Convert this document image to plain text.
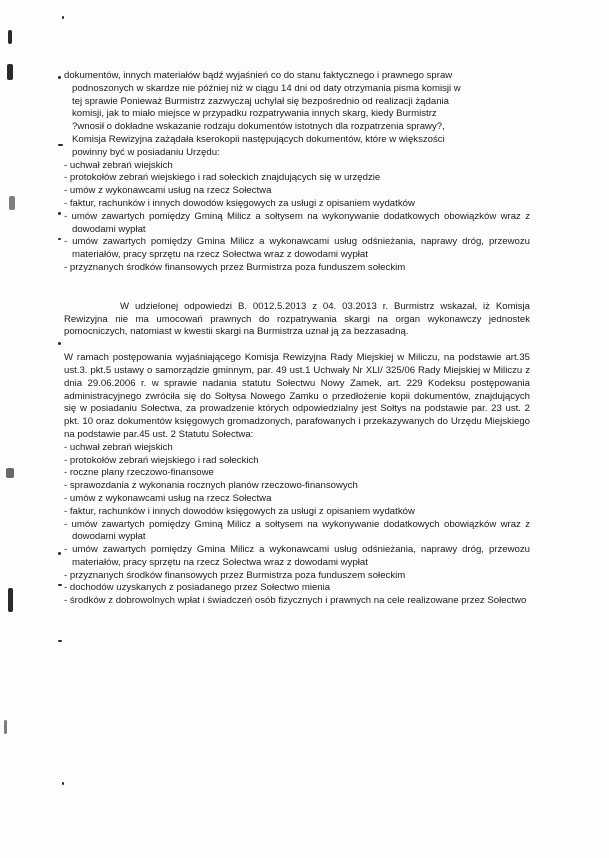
dokumentów, innych materiałów bądź wyjaśnień co do stanu faktycznego i prawnego spraw

podnoszonych w skardze nie później niż w ciągu 14 dni od daty otrzymania pisma komisji w

tej sprawie Ponieważ Burmistrz zazwyczaj uchylał się bezpośrednio od realizacji żądania

komisji, jak to miało miejsce w przypadku rozpatrywania innych skarg, kiedy Burmistrz

?wnosił o dokładne wskazanie rodzaju dokumentów istotnych dla rozpatrzenia sprawy?,

Komisja Rewizyjna zażądała kserokopii następujących dokumentów, które w większości

powinny być w posiadaniu Urzędu:

- uchwał zebrań wiejskich

- protokołów zebrań wiejskiego i rad sołeckich znajdujących się w urzędzie

- umów z wykonawcami usług na rzecz Sołectwa

- faktur, rachunków i innych dowodów księgowych za usługi z opisaniem wydatków

- umów zawartych pomiędzy Gminą Milicz a sołtysem na wykonywanie dodatkowych obowiązków wraz z dowodami wypłat

- umów zawartych pomiędzy Gmina Milicz a wykonawcami usług odśnieżania, naprawy dróg, przewozu materiałów, pracy sprzętu na rzecz Sołectwa wraz z dowodami wypłat

- przyznanych środków finansowych przez Burmistrza poza funduszem sołeckim

W udzielonej odpowiedzi B. 0012.5.2013 z 04. 03.2013 r. Burmistrz wskazał, iż Komisja Rewizyjna nie ma umocowań prawnych do rozpatrywania skargi na organ wykonawczy jednostek pomocniczych, natomiast w kwestii skargi na Burmistrza uznał ją za bezzasadną.

W ramach postępowania wyjaśniającego Komisja Rewizyjna Rady Miejskiej w Miliczu, na podstawie art.35 ust.3. pkt.5 ustawy o samorządzie gminnym, par. 49 ust.1 Uchwały Nr XLI/ 325/06 Rady Miejskiej w Miliczu z dnia 29.06.2006 r. w sprawie nadania statutu Sołectwu Nowy Zamek, art. 229 Kodeksu postępowania administracyjnego zwróciła się do Sołtysa Nowego Zamku o przedłożenie kopii dokumentów, znajdujących się w posiadaniu Sołectwa, za prowadzenie których odpowiedzialny jest Sołtys na podstawie par. 23 ust. 2 pkt. 10 oraz dokumentów księgowych gromadzonych, parafowanych i przekazywanych do Urzędu Miejskiego na podstawie par.45 ust. 2 Statutu Sołectwa:

- uchwał zebrań wiejskich

- protokołów zebrań wiejskiego i rad sołeckich

- roczne plany rzeczowo-finansowe

- sprawozdania z wykonania rocznych planów rzeczowo-finansowych

- umów z wykonawcami usług na rzecz Sołectwa

- faktur, rachunków i innych dowodów księgowych za usługi z opisaniem wydatków

- umów zawartych pomiędzy Gminą Milicz a sołtysem na wykonywanie dodatkowych obowiązków wraz z dowodami wypłat

- umów zawartych pomiędzy Gmina Milicz a wykonawcami usług odśnieżania, naprawy dróg, przewozu materiałów, pracy sprzętu na rzecz Sołectwa wraz z dowodami wypłat

- przyznanych środków finansowych przez Burmistrza poza funduszem sołeckim

- dochodów uzyskanych z posiadanego przez Sołectwo mienia

- środków z dobrowolnych wpłat i świadczeń osób fizycznych i prawnych na cele realizowane przez Sołectwo
